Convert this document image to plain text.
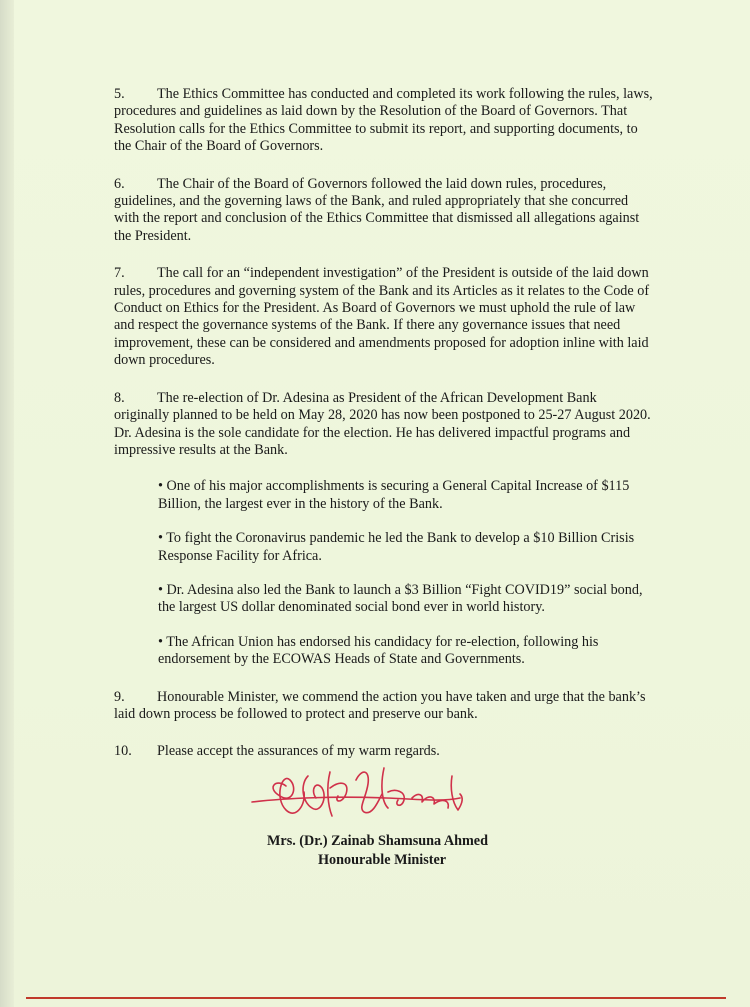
5. The Ethics Committee has conducted and completed its work following the rules, laws, procedures and guidelines as laid down by the Resolution of the Board of Governors. That Resolution calls for the Ethics Committee to submit its report, and supporting documents, to the Chair of the Board of Governors.

6. The Chair of the Board of Governors followed the laid down rules, procedures, guidelines, and the governing laws of the Bank, and ruled appropriately that she concurred with the report and conclusion of the Ethics Committee that dismissed all allegations against the President.

7. The call for an “independent investigation” of the President is outside of the laid down rules, procedures and governing system of the Bank and its Articles as it relates to the Code of Conduct on Ethics for the President. As Board of Governors we must uphold the rule of law and respect the governance systems of the Bank. If there any governance issues that need improvement, these can be considered and amendments proposed for adoption inline with laid down procedures.

8. The re-election of Dr. Adesina as President of the African Development Bank originally planned to be held on May 28, 2020 has now been postponed to 25-27 August 2020. Dr. Adesina is the sole candidate for the election. He has delivered impactful programs and impressive results at the Bank.

• One of his major accomplishments is securing a General Capital Increase of $115 Billion, the largest ever in the history of the Bank.

• To fight the Coronavirus pandemic he led the Bank to develop a $10 Billion Crisis Response Facility for Africa.

• Dr. Adesina also led the Bank to launch a $3 Billion “Fight COVID19” social bond, the largest US dollar denominated social bond ever in world history.

• The African Union has endorsed his candidacy for re-election, following his endorsement by the ECOWAS Heads of State and Governments.

9. Honourable Minister, we commend the action you have taken and urge that the bank’s laid down process be followed to protect and preserve our bank.

10. Please accept the assurances of my warm regards.

Mrs. (Dr.) Zainab Shamsuna Ahmed
Honourable Minister
